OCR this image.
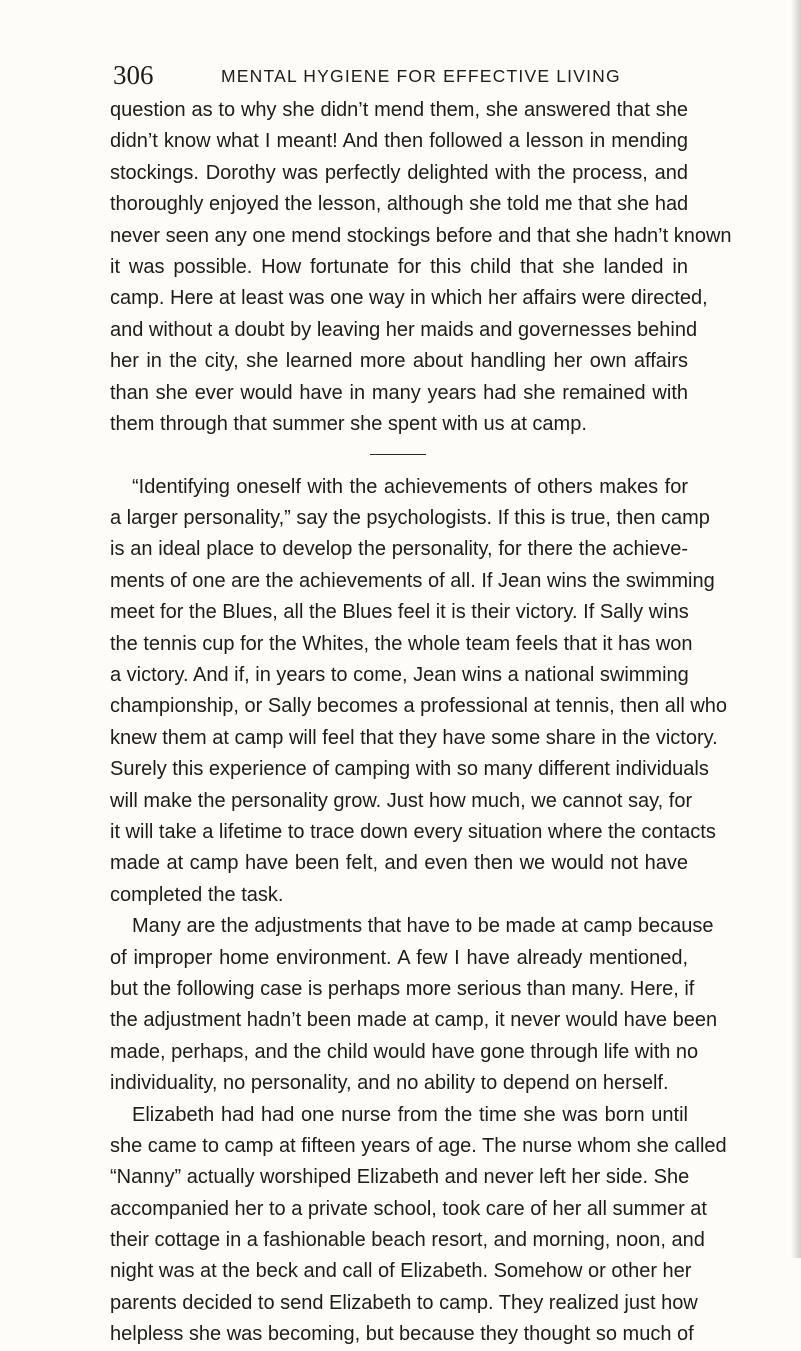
306	MENTAL HYGIENE FOR EFFECTIVE LIVING
question as to why she didn’t mend them, she answered that she
didn’t know what I meant! And then followed a lesson in mending
stockings. Dorothy was perfectly delighted with the process, and
thoroughly enjoyed the lesson, although she told me that she had
never seen any one mend stockings before and that she hadn’t known
it was possible. How fortunate for this child that she landed in
camp. Here at least was one way in which her affairs were directed,
and without a doubt by leaving her maids and governesses behind
her in the city, she learned more about handling her own affairs
than she ever would have in many years had she remained with
them through that summer she spent with us at camp.
“Identifying oneself with the achievements of others makes for
a larger personality,” say the psychologists. If this is true, then camp
is an ideal place to develop the personality, for there the achieve-
ments of one are the achievements of all. If Jean wins the swimming
meet for the Blues, all the Blues feel it is their victory. If Sally wins
the tennis cup for the Whites, the whole team feels that it has won
a victory. And if, in years to come, Jean wins a national swimming
championship, or Sally becomes a professional at tennis, then all who
knew them at camp will feel that they have some share in the victory.
Surely this experience of camping with so many different individuals
will make the personality grow. Just how much, we cannot say, for
it will take a lifetime to trace down every situation where the contacts
made at camp have been felt, and even then we would not have
completed the task.
Many are the adjustments that have to be made at camp because
of improper home environment. A few I have already mentioned,
but the following case is perhaps more serious than many. Here, if
the adjustment hadn’t been made at camp, it never would have been
made, perhaps, and the child would have gone through life with no
individuality, no personality, and no ability to depend on herself.
Elizabeth had had one nurse from the time she was born until
she came to camp at fifteen years of age. The nurse whom she called
“Nanny” actually worshiped Elizabeth and never left her side. She
accompanied her to a private school, took care of her all summer at
their cottage in a fashionable beach resort, and morning, noon, and
night was at the beck and call of Elizabeth. Somehow or other her
parents decided to send Elizabeth to camp. They realized just how
helpless she was becoming, but because they thought so much of
